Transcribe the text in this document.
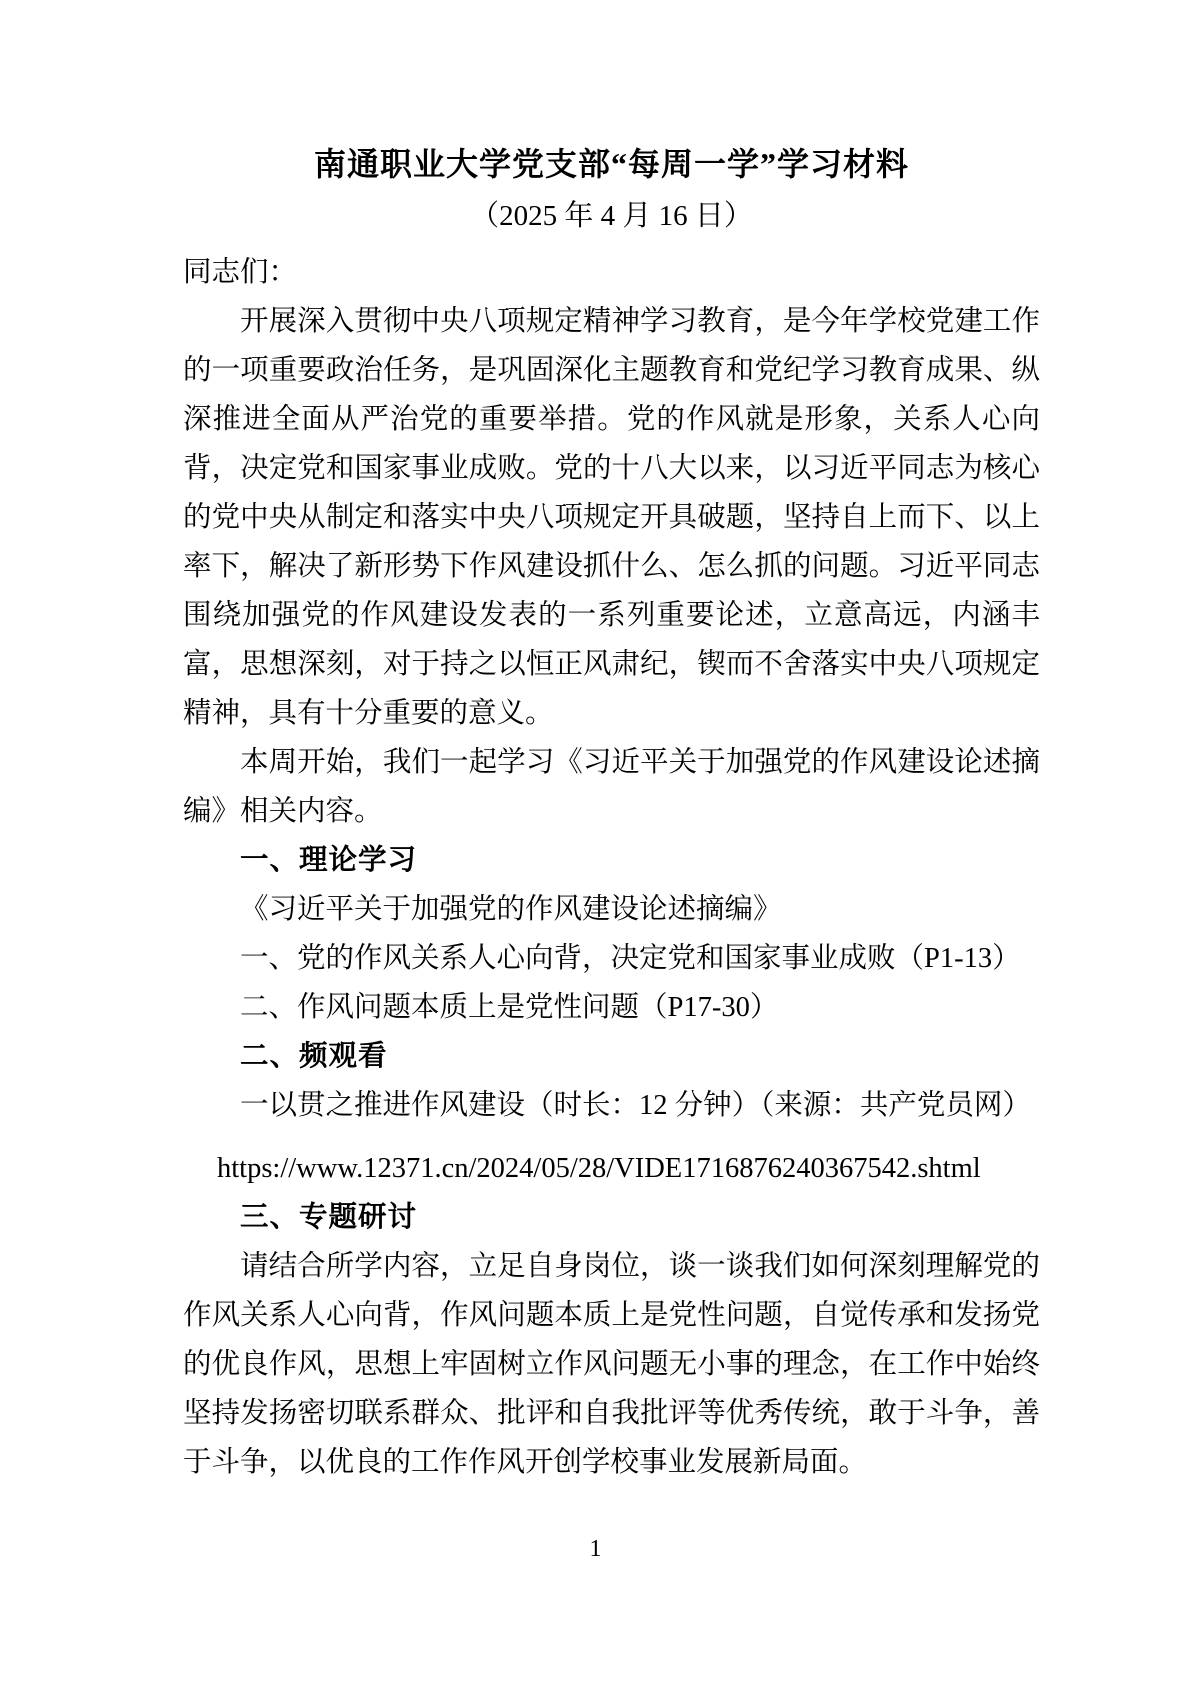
南通职业大学党支部“每周一学”学习材料
（2025 年 4 月 16 日）
同志们：

开展深入贯彻中央八项规定精神学习教育，是今年学校党建工作的一项重要政治任务，是巩固深化主题教育和党纪学习教育成果、纵深推进全面从严治党的重要举措。党的作风就是形象，关系人心向背，决定党和国家事业成败。党的十八大以来，以习近平同志为核心的党中央从制定和落实中央八项规定开具破题，坚持自上而下、以上率下，解决了新形势下作风建设抓什么、怎么抓的问题。习近平同志围绕加强党的作风建设发表的一系列重要论述，立意高远，内涵丰富，思想深刻，对于持之以恒正风肃纪，锲而不舍落实中央八项规定精神，具有十分重要的意义。

本周开始，我们一起学习《习近平关于加强党的作风建设论述摘编》相关内容。

一、理论学习
《习近平关于加强党的作风建设论述摘编》
一、党的作风关系人心向背，决定党和国家事业成败（P1-13）
二、作风问题本质上是党性问题（P17-30）
二、频观看
一以贯之推进作风建设（时长：12 分钟）（来源：共产党员网）
https://www.12371.cn/2024/05/28/VIDE1716876240367542.shtml
三、专题研讨

请结合所学内容，立足自身岗位，谈一谈我们如何深刻理解党的作风关系人心向背，作风问题本质上是党性问题，自觉传承和发扬党的优良作风，思想上牢固树立作风问题无小事的理念，在工作中始终坚持发扬密切联系群众、批评和自我批评等优秀传统，敢于斗争，善于斗争，以优良的工作作风开创学校事业发展新局面。

1
